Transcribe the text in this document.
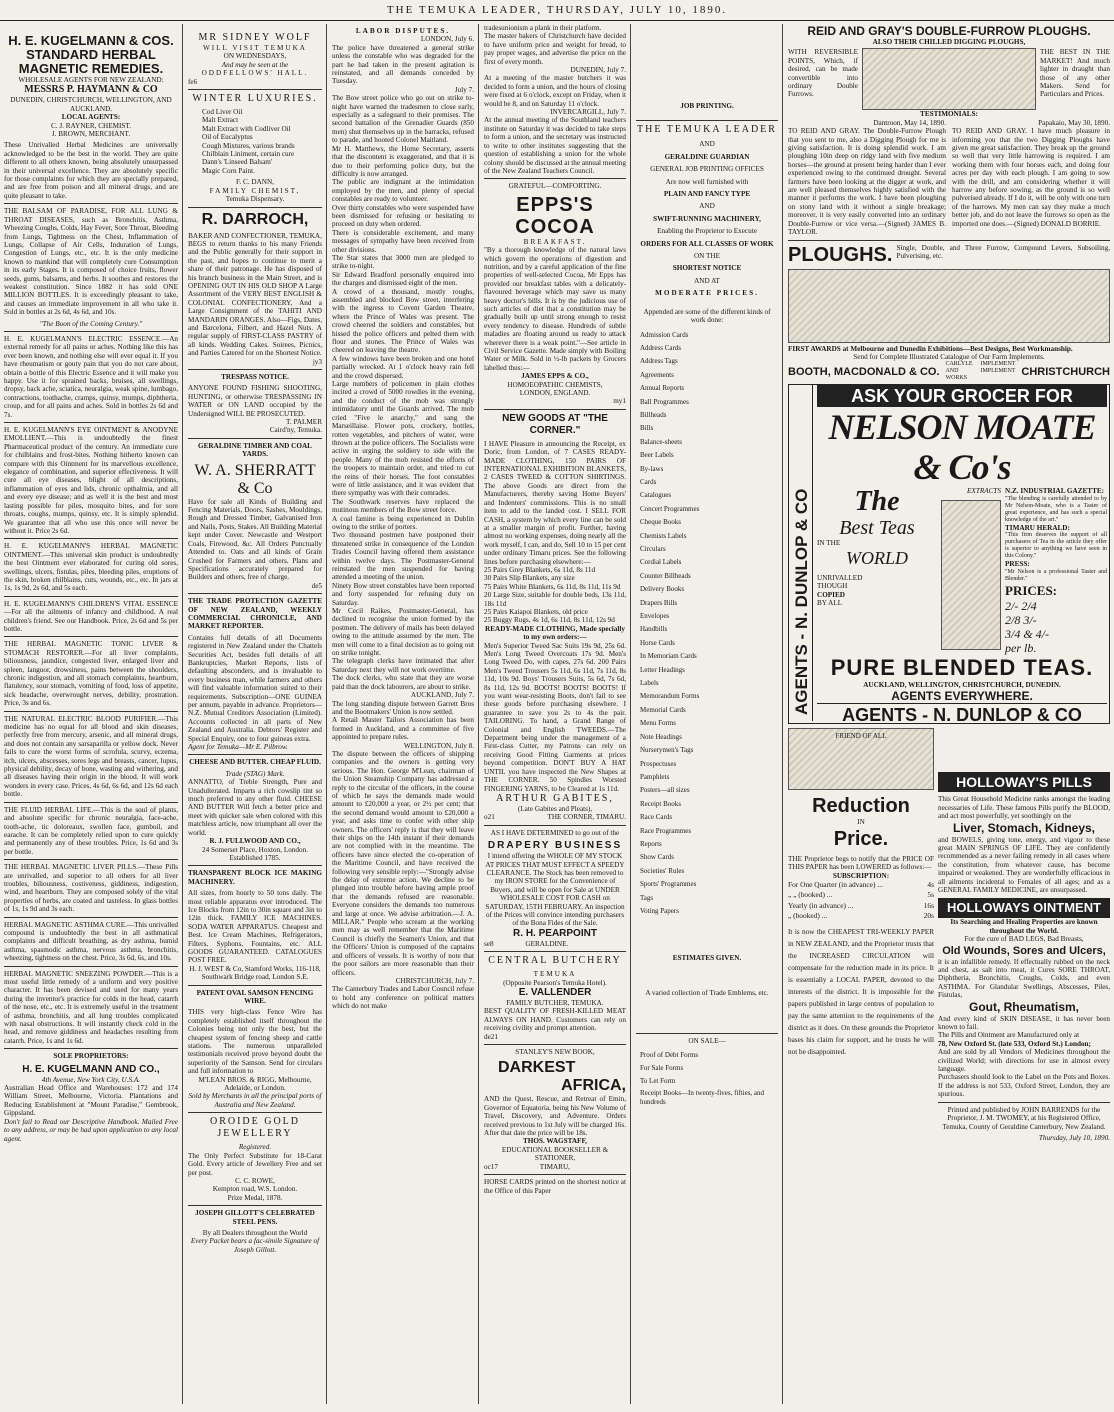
THE TEMUKA LEADER, THURSDAY, JULY 10, 1890.
H. E. KUGELMANN & COS.
STANDARD HERBAL
MAGNETIC REMEDIES.
WHOLESALE AGENTS FOR NEW ZEALAND:
MESSRS P. HAYMANN & CO
DUNEDIN, CHRISTCHURCH, WELLINGTON, AND AUCKLAND.
LOCAL AGENTS:
C. J. RAYNER, CHEMIST.
J. BROWN, MERCHANT.
These Unrivalled Herbal Medicines are universally acknowledged to be the best in the world. They are quite different to all others known, being absolutely unsurpassed in their universal excellence. They are absolutely specific for those complaints for which they are specially prepared, and are free from poison and all mineral drugs, and are quite pleasant to take.
THE BALSAM OF PARADISE, FOR ALL LUNG & THROAT DISEASES, such as Bronchitis, Asthma, Wheezing Coughs, Colds, Hay Fever, Sore Throat, Bleeding from Lungs, Tightness on the Chest, Inflammation of Lungs, Collapse of Air Cells, Induration of Lungs, Congestion of Lungs, etc., etc. It is the only medicine known to mankind that will completely cure Consumption in its early Stages. It is composed of choice fruits, flower seeds, gums, balsams, and herbs. It soothes and restores the weakest constitution. Since 1882 it has sold ONE MILLION BOTTLES. It is exceedingly pleasant to take, and causes an immediate improvement in all who take it. Sold in bottles at 2s 6d, 4s 6d, and 10s.
"The Boon of the Coming Century."
H. E. KUGELMANN'S ELECTRIC ESSENCE.—An external remedy for all pains or aches. Nothing like this has ever been known, and nothing else will ever equal it. If you have rheumatism or gouty pain that you do not care about, obtain a bottle of this Electric Essence and it will make you happy. Use it for sprained backs, bruises, all swellings, dropsy, back ache, sciatica, neuralgia, weak spine, lumbago, contractions, toothache, cramps, quinsy, mumps, diphtheria, croup, and for all pains and aches. Sold in bottles 2s 6d and 7s.
H. E. KUGELMANN'S EYE OINTMENT & ANODYNE EMOLLIENT.—This is undoubtedly the finest Pharmaceutical product of the century. An immediate cure for chilblains and frost-bites. Nothing hitherto known can compare with this Ointment for its marvellous excellence, elegance of combination, and superior effectiveness. It will cure all eye diseases, blight of all descriptions, inflammation of eyes and lids, chronic opthalmia, and all and every eye disease; and as well it is the best and most lasting possible for piles, mosquito bites, and for sore throats, coughs, mumps, quinsy, etc. It is simply splendid. We guarantee that all who use this once will never be without it. Price 2s 6d.
H. E. KUGELMANN'S HERBAL MAGNETIC OINTMENT.—This universal skin product is undoubtedly the best Ointment ever elaborated for curing old sores, swellings, ulcers, fistulas, piles, bleeding piles, eruptions of the skin, broken chilblains, cuts, wounds, etc., etc. In jars at 1s, 1s 9d, 2s 6d, and 5s each.
H. E. KUGELMANN'S CHILDREN'S VITAL ESSENCE—For all the ailments of infancy and childhood. A real children's friend. See our Handbook. Price, 2s 6d and 5s per bottle.
THE HERBAL MAGNETIC TONIC LIVER & STOMACH RESTORER.—For all liver complaints, biliousness, jaundice, congested liver, enlarged liver and spleen, languor, drowsiness, pains between the shoulders, chronic indigestion, and all stomach complaints, heartburn, flatulency, sour stomach, vomiting of food, loss of appetite, sick headache, overwrought nerves, debility, prostration. Price, 3s and 6s.
THE NATURAL ELECTRIC BLOOD PURIFIER.—This medicine has no equal for all blood and skin diseases, perfectly free from mercury, arsenic, and all mineral drugs, and does not contain any sarsaparilla or yellow dock. Never fails to cure the worst forms of scrofula, scurvy, eczema, itch, ulcers, abscesses, sores legs and breasts, cancer, lupus, physical debility, decay of bone, wasting and withering, and all diseases having their origin in the blood. It will work wonders in every case. Prices, 4s 6d, 6s 6d, and 12s 6d each bottle.
THE FLUID HERBAL LIFE.—This is the soul of plants, and absolute specific for chronic neuralgia, face-ache, tooth-ache, tic doloreaux, swollen face, gumboil, and earache. It can be completely relied upon to cure quickly and permanently any of these troubles. Price, 1s 6d and 3s per bottle.
THE HERBAL MAGNETIC LIVER PILLS.—These Pills are unrivalled, and superior to all others for all liver troubles, biliousness, costiveness, giddiness, indigestion, wind, and heartburn. They are composed solely of the vital properties of herbs, are coated and tasteless. In glass bottles of 1s, 1s 9d and 3s each.
HERBAL MAGNETIC ASTHMA CURE.—This unrivalled compound is undoubtedly the best in all asthmatical complaints and difficult breathing, as dry asthma, humid asthma, spasmodic asthma, nervous asthma, bronchitis, wheezing, tightness on the chest. Price, 3s 6d, 6s, and 10s.
HERBAL MAGNETIC SNEEZING POWDER.—This is a most useful little remedy of a uniform and very positive character. It has been devised and used for many years during the inventor's practice for colds in the head, catarrh of the nose, etc., etc. It is extremely useful in the treatment of asthma, bronchitis, and all lung troubles complicated with nasal obstructions. It will instantly check cold in the head, and remove giddiness and headaches resulting from catarrh. Price, 1s and 1s 6d.
SOLE PROPRIETORS:
H. E. KUGELMANN AND CO.,
4th Avenue, New York City, U.S.A.
Australian Head Office and Warehouses: 172 and 174 William Street, Melbourne, Victoria. Plantations and Reducing Establishment at "Mount Paradise," Gembrook, Gippsland.
Don't fail to Read our Descriptive Handbook. Mailed Free to any address, or may be had upon application to any local agent.
MR SIDNEY WOLF
WILL VISIT TEMUKA
ON WEDNESDAYS,
And may be seen at the
ODDFELLOWS' HALL.
fe6
WINTER LUXURIES.
Cod Liver Oil
Malt Extract
Malt Extract with Codliver Oil
Oil of Eucalyptus
Cough Mixtures, various brands
Chilblain Liniment, certain cure
Dann's 'Linseed Balsam'
Magic Corn Paint.
F. C. DANN,
FAMILY CHEMIST,
Temuka Dispensary.
R. DARROCH,
BAKER AND CONFECTIONER, TEMUKA,
BEGS to return thanks to his many Friends and the Public generally for their support in the past, and hopes to continue to merit a share of their patronage. He has disposed of his branch business in the Main Street, and is OPENING OUT IN HIS OLD SHOP A Large Assortment of the VERY BEST ENGLISH & COLONIAL CONFECTIONERY, And a Large Consignment of the TAHITI AND MANDARIN ORANGES. Also—Figs, Dates, and Barcelona, Filbert, and Hazel Nuts. A regular supply of FIRST-CLASS PASTRY of all kinds. Wedding Cakes. Soirees, Picnics, and Parties Catered for on the Shortest Notice.
jy3
TRESPASS NOTICE.
ANYONE FOUND FISHING SHOOTING, HUNTING, or otherwise TRESPASSING IN WATER or ON LAND occupied by the Undersigned WILL BE PROSECUTED.
T. PALMER
Caird'ny, Temuka.
GERALDINE TIMBER AND COAL YARDS.
W. A. SHERRATT & Co
Have for sale all Kinds of Building and Fencing Materials, Doors, Sashes, Mouldings, Rough and Dressed Timber, Galvanised Iron and Nails, Posts, Stakes. All Building Material kept under Cover. Newcastle and Westport Coals, Firewood, &c. All Orders Punctually Attended to. Oats and all kinds of Grain Crushed for Farmers and others. Plans and Specifications accurately prepared for Builders and others, free of charge.
de5
THE TRADE PROTECTION GAZETTE OF NEW ZEALAND, WEEKLY COMMERCIAL CHRONICLE, AND MARKET REPORTER.
Contains full details of all Documents registered in New Zealand under the Chattels Securities Act, besides full details of all Bankruptcies, Market Reports, lists of defaulting absconders, and is invaluable to every business man, while farmers and others will find valuable information suited to their requirements. Subscription—ONE GUINEA per annum, payable in advance. Proprietors—N.Z. Mutual Creditors Association (Limited). Accounts collected in all parts of New Zealand and Australia. Debtors' Register and Special Enquiry, one to four guineas extra.
Agent for Temuka—Mr E. Pilbrow.
CHEESE AND BUTTER. CHEAP FLUID.
Trade (STAG) Mark.
ANNATTO, of Treble Strength, Pure and Unadulterated. Imparts a rich cowslip tint so much preferred to any other fluid. CHEESE AND BUTTER Will fetch a better price and meet with quicker sale when colored with this matchless article, now triumphant all over the world.
R. J. FULLWOOD AND CO.,
24 Somerset Place, Hoxton, London. Established 1785.
TRANSPARENT BLOCK ICE MAKING MACHINERY.
All sizes, from hourly to 50 tons daily. The most reliable apparatus ever introduced. The Ice Blocks from 12in to 30in square and 3in to 12in thick. FAMILY ICE MACHINES. SODA WATER APPARATUS. Cheapest and Best. Ice Cream Machines, Refrigerators, Filters, Syphons, Fountains, etc. ALL GOODS GUARANTEED. CATALOGUES POST FREE.
H. J. WEST & Co, Stamford Works, 116-118, Southwark Bridge road, London S.E.
PATENT OVAL SAMSON FENCING WIRE.
THIS very high-class Fence Wire has completely established itself throughout the Colonies being not only the best, but the cheapest system of fencing sheep and cattle stations. The numerous unparalleled testimonials received prove beyond doubt the superiority of the Samson. Send for circulars and full information to
M'LEAN BROS. & RIGG, Melbourne, Adelaide, or London.
Sold by Merchants in all the principal ports of Australia and New Zealand.
OROIDE GOLD JEWELLERY
Registered.
The Only Perfect Substitute for 18-Carat Gold. Every article of Jewellery Free and set per post.
C. C. ROWE,
Kempton road, W.S. London.
Prize Medal, 1878.
JOSEPH GILLOTT'S CELEBRATED STEEL PENS.
By all Dealers throughout the World
Every Packet bears a fac-simile Signature of Joseph Gillott.
LABOR DISPUTES.
LONDON, July 6.
The police have threatened a general strike unless the constable who was degraded for the part he had taken in the present agitation is reinstated, and all demands conceded by Tuesday.
July 7.
The Bow street police who go out on strike to-night have warned the tradesmen to close early, especially as a safeguard to their premises. The second battalion of the Grenadier Guards (850 men) shut themselves up in the barracks, refused to parade, and hooted Colonel Maitland.
Mr H. Matthews, the Home Secretary, asserts that the discontent is exaggerated, and that it is due to their performing police duty, but the difficulty is now arranged.
The public are indignant at the intimidation employed by the men, and plenty of special constables are ready to volunteer.
Over thirty constables who were suspended have been dismissed for refusing or hesitating to proceed on duty when ordered.
There is considerable excitement, and many messages of sympathy have been received from other divisions.
The Star states that 3000 men are pledged to strike to-night.
Sir Edward Bradford personally enquired into the charges and dismissed eight of the men.
A crowd of a thousand, mostly roughs, assembled and blocked Bow street, interfering with the ingress to Covent Garden Theatre, where the Prince of Wales was present. The crowd cheered the soldiers and constables, but hissed the police officers and pelted them with flour and stones. The Prince of Wales was cheered on leaving the theatre.
A few windows have been broken and one hotel partially wrecked. At 1 o'clock heavy rain fell and the crowd dispersed.
Large numbers of policemen in plain clothes incited a crowd of 5000 rowdies in the evening, and the conduct of the mob was strongly intimidatory until the Guards arrived. The mob cried "Five le anarchy," and sang the Marseillaise. Flower pots, crockery, bottles, rotten vegetables, and pitchers of water, were thrown at the police officers. The Socialists were active in urging the soldiery to side with the people. Many of the mob resisted the efforts of the troopers to maintain order, and tried to cut the reins of their horses. The foot constables were of little assistance, and it was evident that there sympathy was with their comrades.
The Southwark reserves have replaced the mutinous members of the Bow street force.
A coal famine is being experienced in Dublin owing to the strike of porters.
Two thousand postmen have postponed their threatened strike in consequence of the London Trades Council having offered them assistance within twelve days. The Postmaster-General reinstated the men suspended for having attended a meeting of the union.
Ninety Bow street constables have been reported and forty suspended for refusing duty on Saturday.
Mr Cecil Raikes, Postmaster-General, has declined to recognise the union formed by the postmen. The delivery of mails has been delayed owing to the attitude assumed by the men. The men will come to a final decision as to going out on strike tonight.
The telegraph clerks have intimated that after Saturday next they will not work overtime.
The dock clerks, who state that they are worse paid than the dock labourers, are about to strike.
AUCKLAND, July 7.
The long standing dispute between Garrett Bros and the Bootmakers' Union is now settled.
A Retail Master Tailors Association has been formed in Auckland, and a committee of five appointed to prepare rules.
WELLINGTON, July 8.
The dispute between the officers of shipping companies and the owners is getting very serious. The Hon. George M'Lean, chairman of the Union Steamship Company has addressed a reply to the circular of the officers, in the course of which he says the demands made would amount to £20,000 a year, or 2½ per cent; that the second demand would amount to £20,000 a year, and asks time to confer with other ship owners. The officers' reply is that they will leave their ships on the 14th instant if their demands are not complied with in the meantime. The officers have since elected the co-operation of the Maritime Council, and have received the following very sensible reply:—"Strongly advise the delay of extreme action. We decline to be plunged into trouble before having ample proof that the demands refused are reasonable. Everyone considers the demands too numerous and large at once. We advise arbitration.—J. A. MILLAR." People who scream at the working men may as well remember that the Maritime Council is chiefly the Seamen's Union, and that the Officers' Union is composed of the captains and officers of vessels. It is worthy of note that the poor sailors are more reasonable than their officers.
CHRISTCHURCH, July 7.
The Canterbury Trades and Labor Council refuse to hold any conference on political matters which do not make
tradesunionism a plank in their platform.
The master bakers of Christchurch have decided to have uniform price and weight for bread, to pay proper wages, and advertise the price on the first of every month.
DUNEDIN, July 7.
At a meeting of the master butchers it was decided to form a union, and the hours of closing were fixed at 6 o'clock, except on Friday, when it would be 8, and on Saturday 11 o'clock.
INVERCARGILL, July 7.
At the annual meeting of the Southland teachers institute on Saturday it was decided to take steps to form a union, and the secretary was instructed to write to other institutes suggesting that the question of establishing a union for the whole colony should be discussed at the annual meeting of the New Zealand Teachers Council.
GRATEFUL—COMFORTING.
EPPS'S COCOA
BREAKFAST.
"By a thorough knowledge of the natural laws which govern the operations of digestion and nutrition, and by a careful application of the fine properties of well-selected Cocoa, Mr Epps has provided our breakfast tables with a delicately-flavoured beverage which may save us many heavy doctor's bills. It is by the judicious use of such articles of diet that a constitution may be gradually built up until strong enough to resist every tendency to disease. Hundreds of subtle maladies are floating around us ready to attack wherever there is a weak point."—See article in Civil Service Gazette. Made simply with Boiling Water or Milk. Sold in ½-lb packets by Grocers labelled thus:—
JAMES EPPS & CO.,
HOMOEOPATHIC CHEMISTS,
LONDON, ENGLAND.
my1
NEW GOODS AT "THE CORNER."
I HAVE Pleasure in announcing the Receipt, ex Doric, from London, of 7 CASES READY-MADE CLOTHING, 150 PAIRS OF INTERNATIONAL EXHIBITION BLANKETS, 2 CASES TWEED & COTTON SHIRTINGS. The above Goods are direct from the Manufacturers, thereby saving Home Buyers' and Indenters' commissions. This is no small item to add to the landed cost. I SELL FOR CASH, a system by which every line can be sold at a smaller margin of profit. Further, having almost no working expenses, doing nearly all the work myself, I can, and do, Sell 10 to 15 per cent under ordinary Timaru prices. See the following lines before purchasing elsewhere:—
25 Pairs Grey Blankets, 6s 11d, 8s 11d
30 Pairs Slip Blankets, any size
75 Pairs White Blankets, 6s 11d, 8s 11d, 11s 9d
20 Large Size, suitable for double beds, 13s 11d, 18s 11d
25 Pairs Kaiapoi Blankets, old price
25 Buggy Rugs, 4s 1d, 6s 11d, 8s 11d, 12s 9d
READY-MADE CLOTHING, Made specially to my own orders:—
Men's Superior Tweed Sac Suits 19s 9d, 25s 6d. Men's Long Tweed Overcoats 17s 9d. Men's Long Tweed Do, with capes, 27s 6d. 200 Pairs Men's Tweed Trousers 5s 11d, 6s 11d, 7s 11d, 8s 11d, 10s 9d. Boys' Trousers Suits, 5s 6d, 7s 6d, 8s 11d, 12s 9d. BOOTS! BOOTS! BOOTS! If you want wear-resisting Boots, don't fail to see these goods before purchasing elsewhere. I guarantee to save you 2s to 4s the pair. TAILORING. To hand, a Grand Range of Colonial and English TWEEDS.—The Department being under the management of a First-class Cutter, my Patrons can rely on receiving Good Fitting Garments at prices beyond competition. DON'T BUY A HAT UNTIL you have inspected the New Shapes at THE CORNER. 50 Spindles Worsted FINGERING YARNS, to be Cleared at 1s 11d.
ARTHUR GABITES,
(Late Gabites and Pleats),
o21	THE CORNER, TIMARU.
AS I HAVE DETERMINED to go out of the
DRAPERY BUSINESS
I intend offering the WHOLE OF MY STOCK AT PRICES THAT MUST EFFECT A SPEEDY CLEARANCE. The Stock has been removed to my IRON STORE for the Convenience of Buyers, and will be open for Sale at UNDER WHOLESALE COST FOR CASH on SATURDAY, 15TH FEBRUARY. An inspection of the Prices will convince intending purchasers of the Bona Fides of the Sale.
R. H. PEARPOINT
se8	GERALDINE.
CENTRAL BUTCHERY
TEMUKA
(Opposite Pearson's Temuka Hotel).
E. VALLENDER
FAMILY BUTCHER, TEMUKA.
BEST QUALITY OF FRESH-KILLED MEAT ALWAYS ON HAND. Customers can rely on receiving civility and prompt attention.
de21
STANLEY'S NEW BOOK,
DARKEST
AFRICA,
AND the Quest, Rescue, and Retreat of Emin, Governor of Equatoria, being his New Volume of Travel, Discovery, and Adventure. Orders received previous to 1st July will be charged 16s. After that date the price will be 18s.
THOS. WAGSTAFF,
EDUCATIONAL BOOKSELLER & STATIONER,
oc17	TIMARU,
HORSE CARDS printed on the shortest notice at the Office of this Paper
JOB PRINTING.
THE TEMUKA LEADER
AND
GERALDINE GUARDIAN
GENERAL JOB PRINTING OFFICES
Are now well furnished with
PLAIN AND FANCY TYPE
AND
SWIFT-RUNNING MACHINERY,
Enabling the Proprietor to Execute
ORDERS FOR ALL CLASSES OF WORK
ON THE
SHORTEST NOTICE
AND AT
MODERATE PRICES.
Appended are some of the different kinds of work done:
Admission Cards
Address Cards
Address Tags
Agreements
Annual Reports
Ball Programmes
Billheads
Bills
Balance-sheets
Beer Labels
By-laws
Cards
Catalogues
Concert Programmes
Cheque Books
Chemists Labels
Circulars
Cordial Labels
Counter Billheads
Delivery Books
Drapers Bills
Envelopes
Handbills
Horse Cards
In Memoriam Cards
Letter Headings
Labels
Memorandum Forms
Memorial Cards
Menu Forms
Note Headings
Nurserymen's Tags
Prospectuses
Pamphlets
Posters—all sizes
Receipt Books
Race Cards
Race Programmes
Reports
Show Cards
Societies' Rules
Sports' Programmes
Tags
Voting Papers
ESTIMATES GIVEN.
A varied collection of Trade Emblems, etc.
ON SALE—
Proof of Debt Forms
For Sale Forms
To Let Form
Receipt Books—In twenty-fives, fifties, and hundreds
REID AND GRAY'S DOUBLE-FURROW PLOUGHS.
ALSO THEIR CHILLED DIGGING PLOUGHS,
WITH REVERSIBLE POINTS, Which, if desired, can be made convertible into ordinary Double Furrows.
THE BEST IN THE MARKET! And much lighter in draught than those of any other Makers. Send for Particulars and Prices.
TESTIMONIALS:
Dantroon, May 14, 1890.
TO REID AND GRAY. The Double-Furrow Plough that you sent to me, also a Digging Plough for me is giving satisfaction. It is doing splendid work. I am ploughing 10in deep on ridgy land with five medium horses—the ground at present being harder than I ever experienced owing to the continued drought. Several farmers have been looking at the digger at work, and are well pleased themselves highly satisfied with the manner it performs the work. I have been ploughing on stony land with it without a single breakage; moreover, it is very easily converted into an ordinary Double-Furrow or vice versa.—(Signed) JAMES B. TAYLOR.
Papakaio, May 30, 1890.
TO REID AND GRAY. I have much pleasure in informing you that the two Digging Ploughs have given me great satisfaction. They break up the ground so well that very little harrowing is required. I am working them with four horses each, and doing four acres per day with each plough. I am going to sow with the drill, and am considering whether it will harrow any before sowing, as the ground is so well pulverised already. If I do it, will be only with one turn of the harrows. My men can say they make a much better job, and do not leave the furrows so open as the imported one does.—(Signed) DONALD BORRIE.
PLOUGHS. Single, Double, and Three Furrow, Compound Levers, Subsoiling, Pulverising, etc.
FIRST AWARDS at Melbourne and Dunedin Exhibitions—Best Designs, Best Workmanship.
Send for Complete Illustrated Catalogue of Our Farm Implements.
BOOTH, MACDONALD & CO.
CARLYLE IMPLEMENT AND IMPLEMENT WORKS
CHRISTCHURCH
AGENTS - N. DUNLOP & CO
ASK YOUR GROCER FOR
NELSON MOATE & Co's
The
Best Teas
IN THE
WORLD
UNRIVALLED
THOUGH
COPIED
BY ALL
EXTRACTS N.Z. INDUSTRIAL GAZETTE:
"The blending is carefully attended to by Mr Nelson-Moate, who is a Taster of great experience, and has such a special knowledge of the art."
TIMARU HERALD:
"This firm deserves the support of all purchasers of Tea in the article they offer is superior to anything we have seen in this Colony."
PRESS:
"Mr Nelson is a professional Taster and Blender."
PRICES:
2/- 2/4
2/8 3/-
3/4 & 4/-
per lb.
PURE BLENDED TEAS.
AUCKLAND, WELLINGTON, CHRISTCHURCH, DUNEDIN.
AGENTS EVERYWHERE.
AGENTS - N. DUNLOP & CO
FRIEND OF ALL
Reduction
IN
Price.
THE Proprietor begs to notify that the PRICE OF THIS PAPER has been LOWERED as follows:—
SUBSCRIPTION:
For One Quarter (in advance) ...	4s
„ „ (booked) ...	5s
Yearly (in advance) ...	16s
„ (booked) ...	20s
It is now the CHEAPEST TRI-WEEKLY PAPER in NEW ZEALAND, and the Proprietor trusts that the INCREASED CIRCULATION will compensate for the reduction made in its price. It is essentially a LOCAL PAPER, devoted to the interests of the district. It is impossible for the papers published in large centres of population to pay the same attention to the requirements of the district as it does. On these grounds the Proprietor bases his claim for support, and he trusts he will not be disappointed.
HOLLOWAY'S PILLS
This Great Household Medicine ranks amongst the leading necessaries of Life. These famous Pills purify the BLOOD, and act most powerfully, yet soothingly on the
Liver, Stomach, Kidneys,
and BOWELS, giving tone, energy, and vigour to these great MAIN SPRINGS OF LIFE. They are confidently recommended as a never failing remedy in all cases where the constitution, from whatever cause, has become impaired or weakened. They are wonderfully efficacious in all ailments incidental to Females of all ages; and as a GENERAL FAMILY MEDICINE, are unsurpassed.
HOLLOWAYS OINTMENT
Its Searching and Healing Properties are known throughout the World.
For the cure of BAD LEGS, Bad Breasts,
Old Wounds, Sores and Ulcers,
it is an infallible remedy. If effectually rubbed on the neck and chest, as salt into meat, it Cures SORE THROAT, Diphtheria, Bronchitis, Coughs, Colds, and even ASTHMA. For Glandular Swellings, Abscesses, Piles, Fistulas,
Gout, Rheumatism,
And every kind of SKIN DISEASE, it has never been known to fail.
The Pills and Ointment are Manufactured only at
78, New Oxford St. (late 533, Oxford St.) London;
And are sold by all Vendors of Medicines throughout the civilized World; with directions for use in almost every language.
Purchasers should look to the Label on the Pots and Boxes. If the address is not 533, Oxford Street, London, they are spurious.
Printed and published by JOHN BARRENDS for the Proprietor, J. M. TWOMEY, at his Registered Office, Temuka, County of Geraldine Canterbury, New Zealand.
Thursday, July 10, 1890.
